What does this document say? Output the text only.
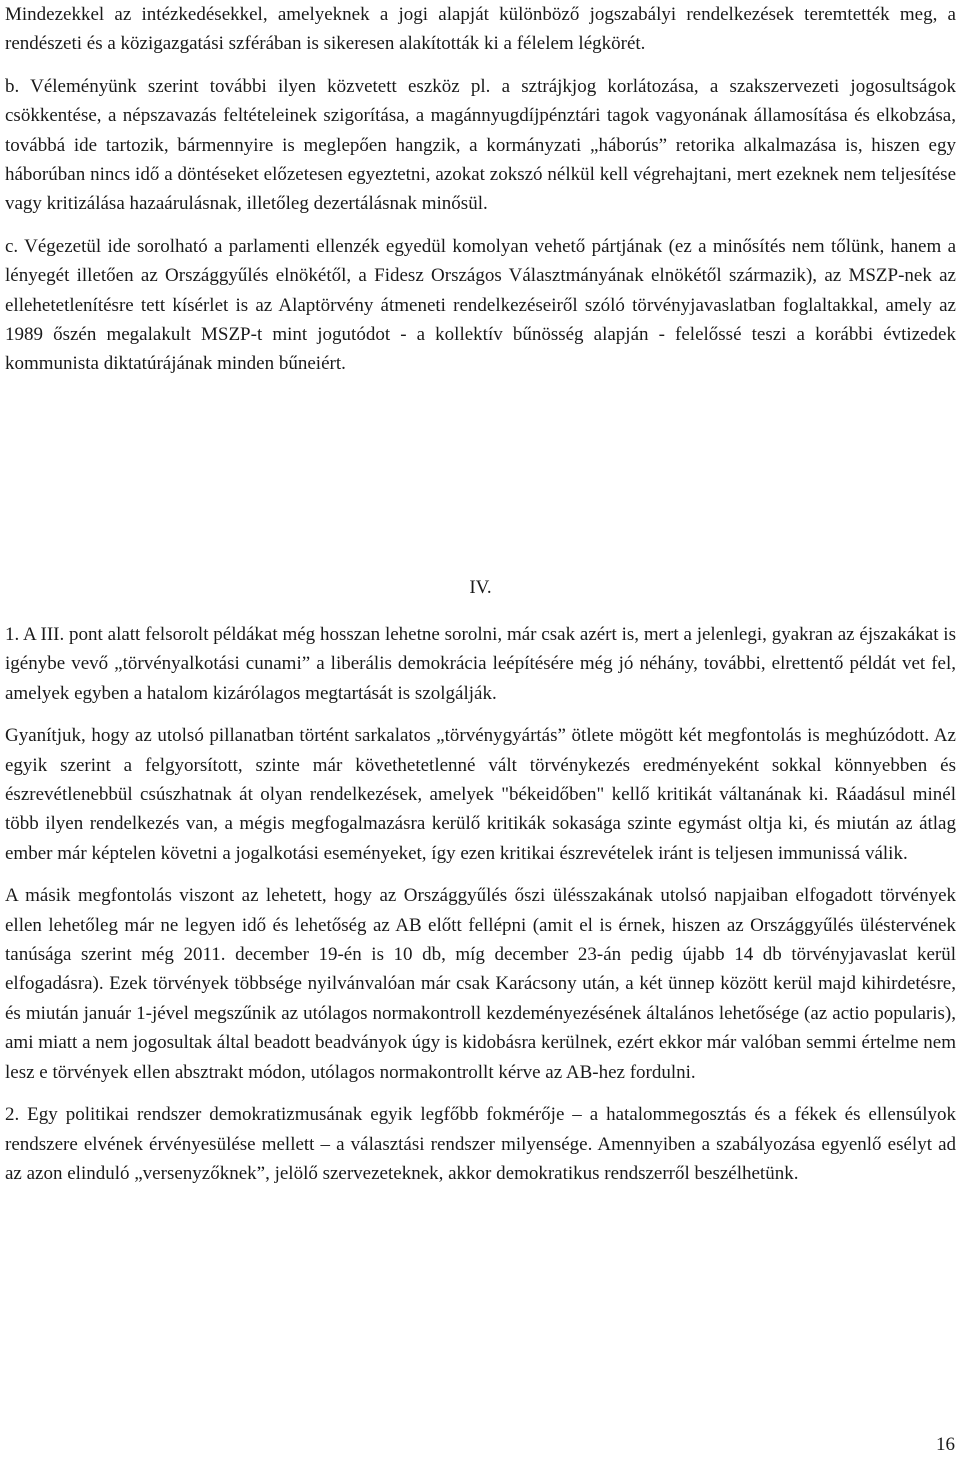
Mindezekkel az intézkedésekkel, amelyeknek a jogi alapját különböző jogszabályi rendelkezések teremtették meg, a rendészeti és a közigazgatási szférában is sikeresen alakították ki a félelem légkörét.

b. Véleményünk szerint további ilyen közvetett eszköz pl. a sztrájkjog korlátozása, a szakszervezeti jogosultságok csökkentése, a népszavazás feltételeinek szigorítása, a magánnyugdíjpénztári tagok vagyonának államosítása és elkobzása, továbbá ide tartozik, bármennyire is meglepően hangzik, a kormányzati „háborús” retorika alkalmazása is, hiszen egy háborúban nincs idő a döntéseket előzetesen egyeztetni, azokat zokszó nélkül kell végrehajtani, mert ezeknek nem teljesítése vagy kritizálása hazaárulásnak, illetőleg dezertálásnak minősül.

c. Végezetül ide sorolható a parlamenti ellenzék egyedül komolyan vehető pártjának (ez a minősítés nem tőlünk, hanem a lényegét illetően az Országgyűlés elnökétől, a Fidesz Országos Választmányának elnökétől származik), az MSZP-nek az ellehetetlenítésre tett kísérlet is az Alaptörvény átmeneti rendelkezéseiről szóló törvényjavaslatban foglaltakkal, amely az 1989 őszén megalakult MSZP-t mint jogutódot - a kollektív bűnösség alapján - felelőssé teszi a korábbi évtizedek kommunista diktatúrájának minden bűneiért.

IV.

1. A III. pont alatt felsorolt példákat még hosszan lehetne sorolni, már csak azért is, mert a jelenlegi, gyakran az éjszakákat is igénybe vevő „törvényalkotási cunami” a liberális demokrácia leépítésére még jó néhány, további, elrettentő példát vet fel, amelyek egyben a hatalom kizárólagos megtartását is szolgálják.

Gyanítjuk, hogy az utolsó pillanatban történt sarkalatos „törvénygyártás” ötlete mögött két megfontolás is meghúzódott. Az egyik szerint a felgyorsított, szinte már követhetetlenné vált törvénykezés eredményeként sokkal könnyebben és észrevétlenebbül csúszhatnak át olyan rendelkezések, amelyek "békeidőben" kellő kritikát váltanának ki. Ráadásul minél több ilyen rendelkezés van, a mégis megfogalmazásra kerülő kritikák sokasága szinte egymást oltja ki, és miután az átlag ember már képtelen követni a jogalkotási eseményeket, így ezen kritikai észrevételek iránt is teljesen immunissá válik.

A másik megfontolás viszont az lehetett, hogy az Országgyűlés őszi ülésszakának utolsó napjaiban elfogadott törvények ellen lehetőleg már ne legyen idő és lehetőség az AB előtt fellépni (amit el is érnek, hiszen az Országgyűlés üléstervének tanúsága szerint még 2011. december 19-én is 10 db, míg december 23-án pedig újabb 14 db törvényjavaslat kerül elfogadásra). Ezek törvények többsége nyilvánvalóan már csak Karácsony után, a két ünnep között kerül majd kihirdetésre, és miután január 1-jével megszűnik az utólagos normakontroll kezdeményezésének általános lehetősége (az actio popularis), ami miatt a nem jogosultak által beadott beadványok úgy is kidobásra kerülnek, ezért ekkor már valóban semmi értelme nem lesz e törvények ellen absztrakt módon, utólagos normakontrollt kérve az AB-hez fordulni.

2. Egy politikai rendszer demokratizmusának egyik legfőbb fokmérője – a hatalommegosztás és a fékek és ellensúlyok rendszere elvének érvényesülése mellett – a választási rendszer milyensége. Amennyiben a szabályozása egyenlő esélyt ad az azon elinduló „versenyzőknek”, jelölő szervezeteknek, akkor demokratikus rendszerről beszélhetünk.

16
